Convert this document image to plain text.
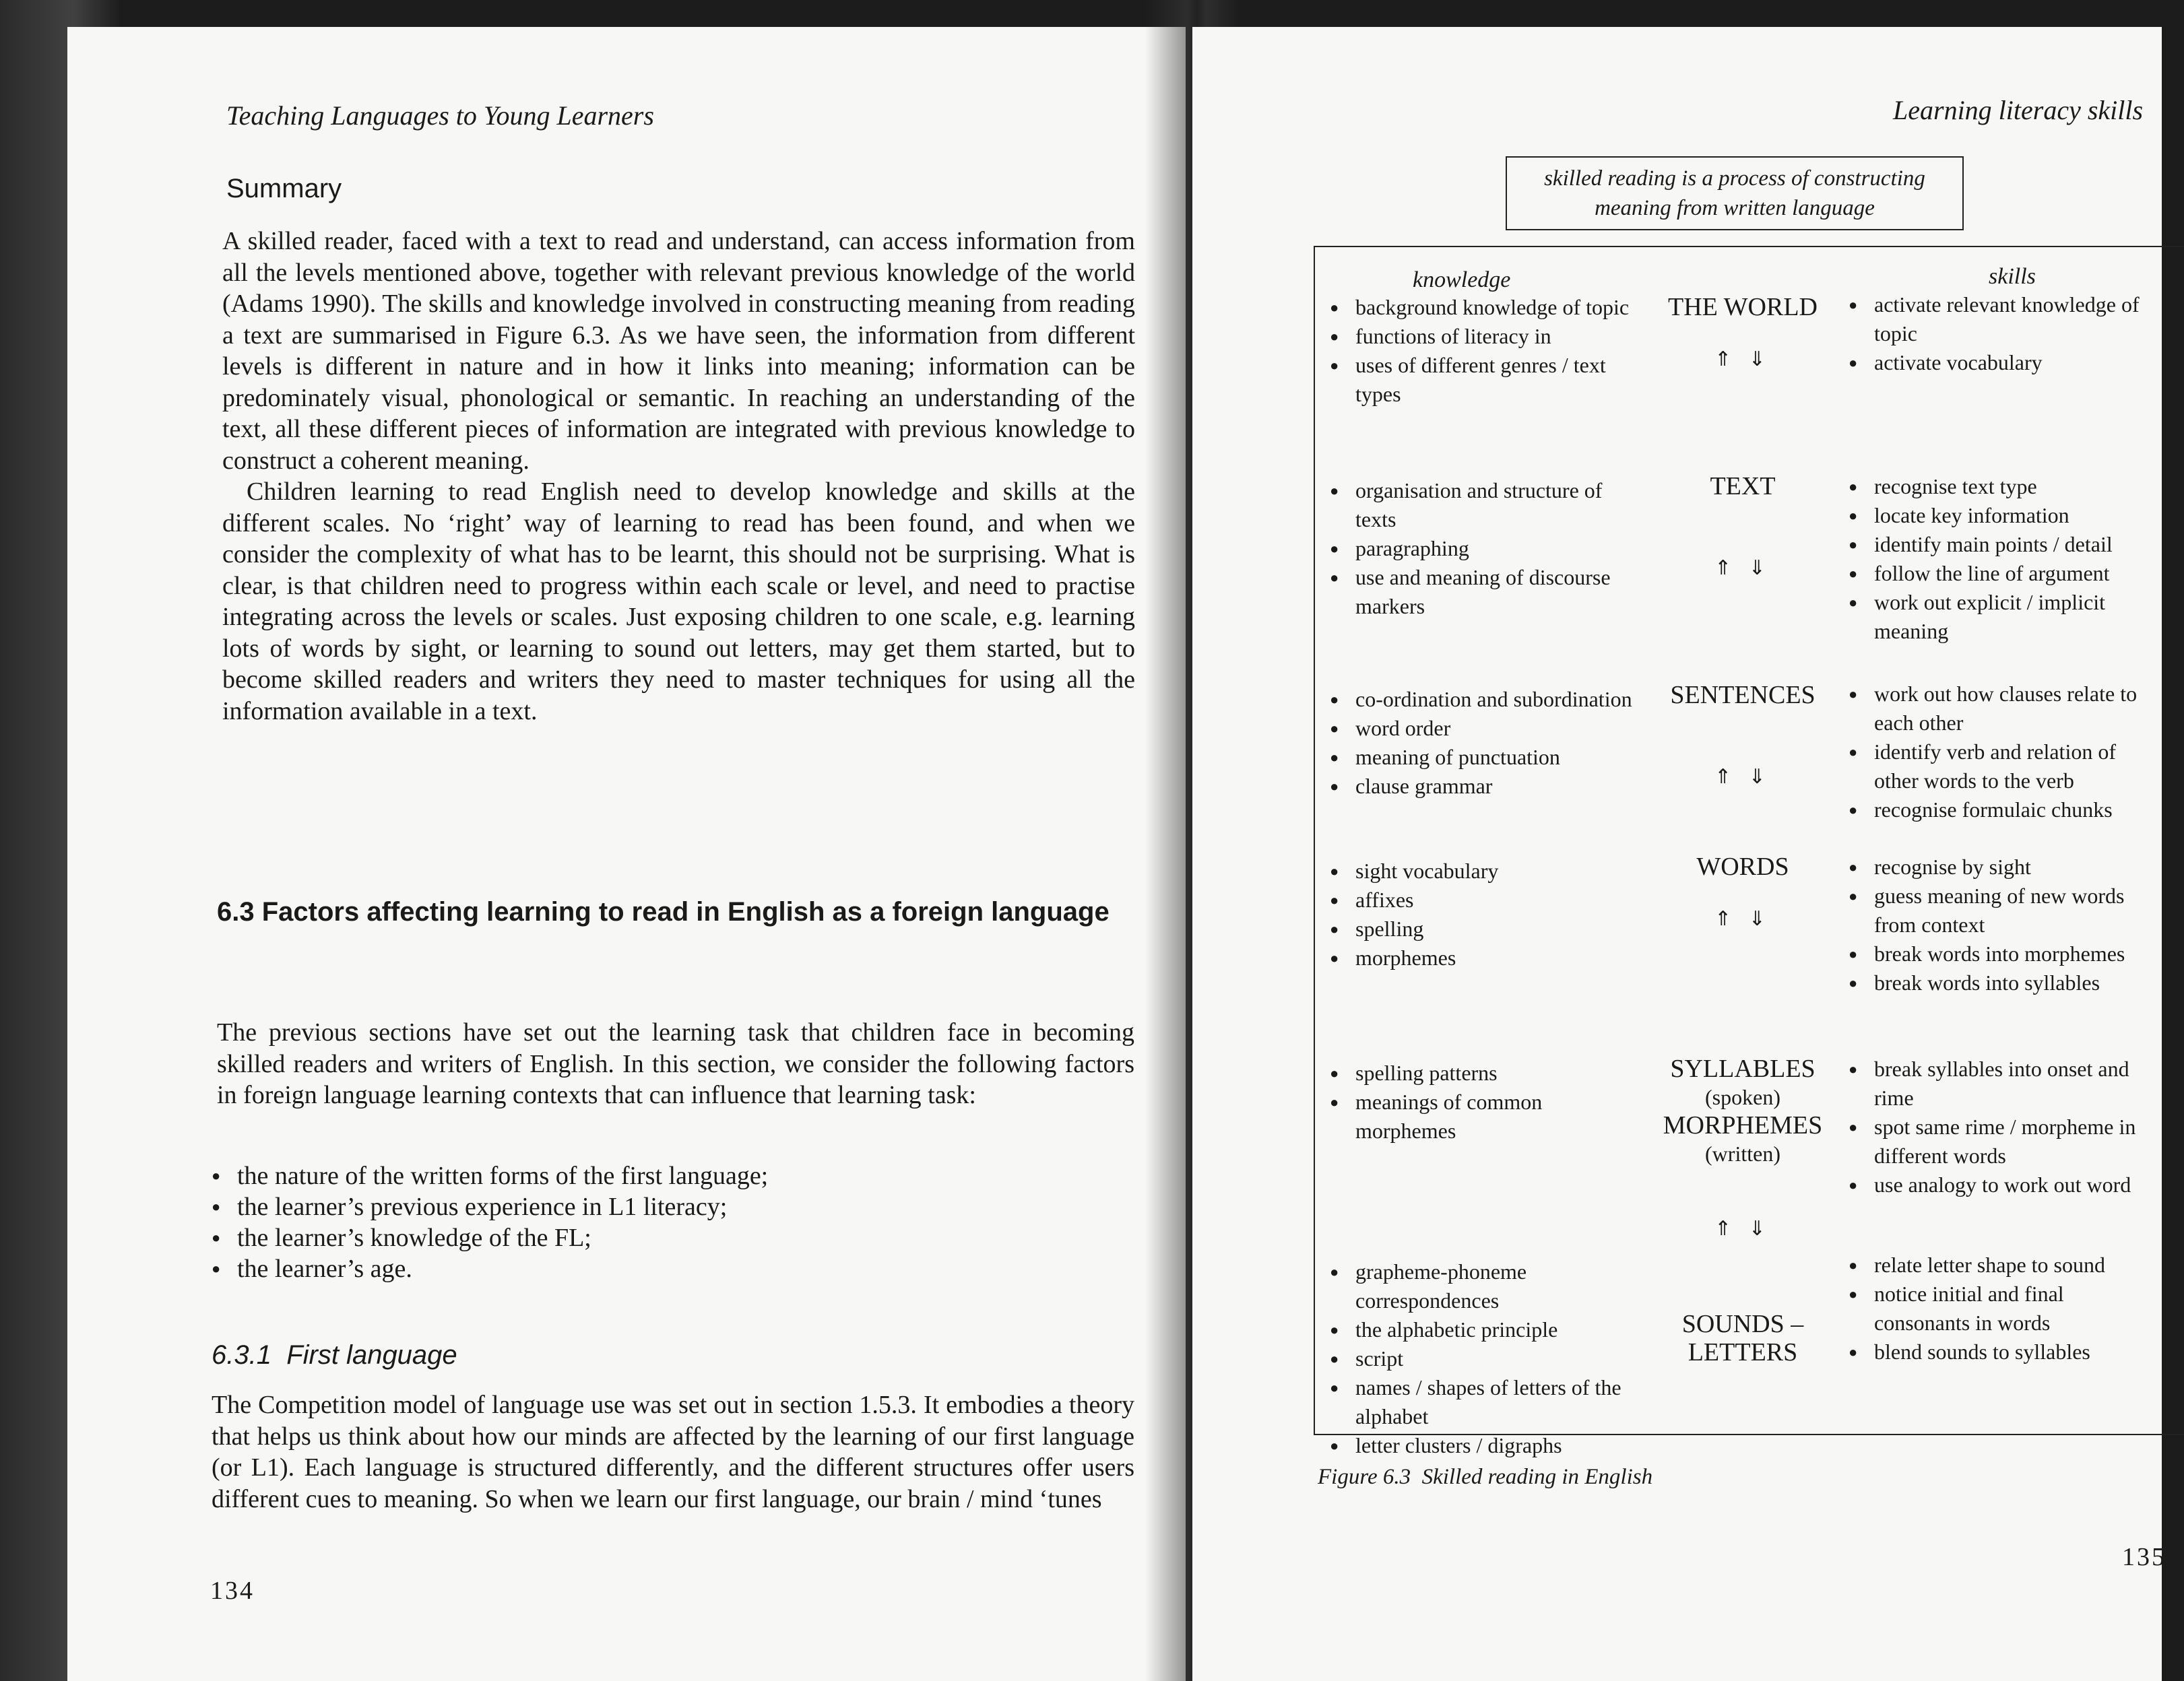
Teaching Languages to Young Learners
Summary

A skilled reader, faced with a text to read and understand, can access information from all the levels mentioned above, together with relevant previous knowledge of the world (Adams 1990). The skills and knowledge involved in constructing meaning from reading a text are summarised in Figure 6.3. As we have seen, the information from different levels is different in nature and in how it links into meaning; information can be predominately visual, phonological or semantic. In reaching an understanding of the text, all these different pieces of information are integrated with previous knowledge to construct a coherent meaning.

Children learning to read English need to develop knowledge and skills at the different scales. No ‘right’ way of learning to read has been found, and when we consider the complexity of what has to be learnt, this should not be surprising. What is clear, is that children need to progress within each scale or level, and need to practise integrating across the levels or scales. Just exposing children to one scale, e.g. learning lots of words by sight, or learning to sound out letters, may get them started, but to become skilled readers and writers they need to master techniques for using all the information available in a text.

6.3 Factors affecting learning to read in English as a foreign language

The previous sections have set out the learning task that children face in becoming skilled readers and writers of English. In this section, we consider the following factors in foreign language learning contexts that can influence that learning task:

● the nature of the written forms of the first language;
● the learner’s previous experience in L1 literacy;
● the learner’s knowledge of the FL;
● the learner’s age.
6.3.1  First language

The Competition model of language use was set out in section 1.5.3. It embodies a theory that helps us think about how our minds are affected by the learning of our first language (or L1). Each language is structured differently, and the different structures offer users different cues to meaning. So when we learn our first language, our brain / mind ‘tunes

134
Learning literacy skills
skilled reading is a process of constructing meaning from written language
knowledge	skills
● background knowledge of topic
● functions of literacy in
● uses of different genres / text types
THE WORLD
⇑ ⇓
● activate relevant knowledge of topic
● activate vocabulary
● organisation and structure of texts
● paragraphing
● use and meaning of discourse markers
TEXT
⇑ ⇓
● recognise text type
● locate key information
● identify main points / detail
● follow the line of argument
● work out explicit / implicit meaning
● co-ordination and subordination
● word order
● meaning of punctuation
● clause grammar
SENTENCES
⇑ ⇓
● work out how clauses relate to each other
● identify verb and relation of other words to the verb
● recognise formulaic chunks
● sight vocabulary
● affixes
● spelling
● morphemes
WORDS
⇑ ⇓
● recognise by sight
● guess meaning of new words from context
● break words into morphemes
● break words into syllables
● spelling patterns
● meanings of common morphemes
SYLLABLES
(spoken)
MORPHEMES
(written)
⇑ ⇓
● break syllables into onset and rime
● spot same rime / morpheme in different words
● use analogy to work out word
● grapheme-phoneme correspondences
● the alphabetic principle
● script
● names / shapes of letters of the alphabet
● letter clusters / digraphs
SOUNDS –
LETTERS
● relate letter shape to sound
● notice initial and final consonants in words
● blend sounds to syllables
Figure 6.3  Skilled reading in English
135
